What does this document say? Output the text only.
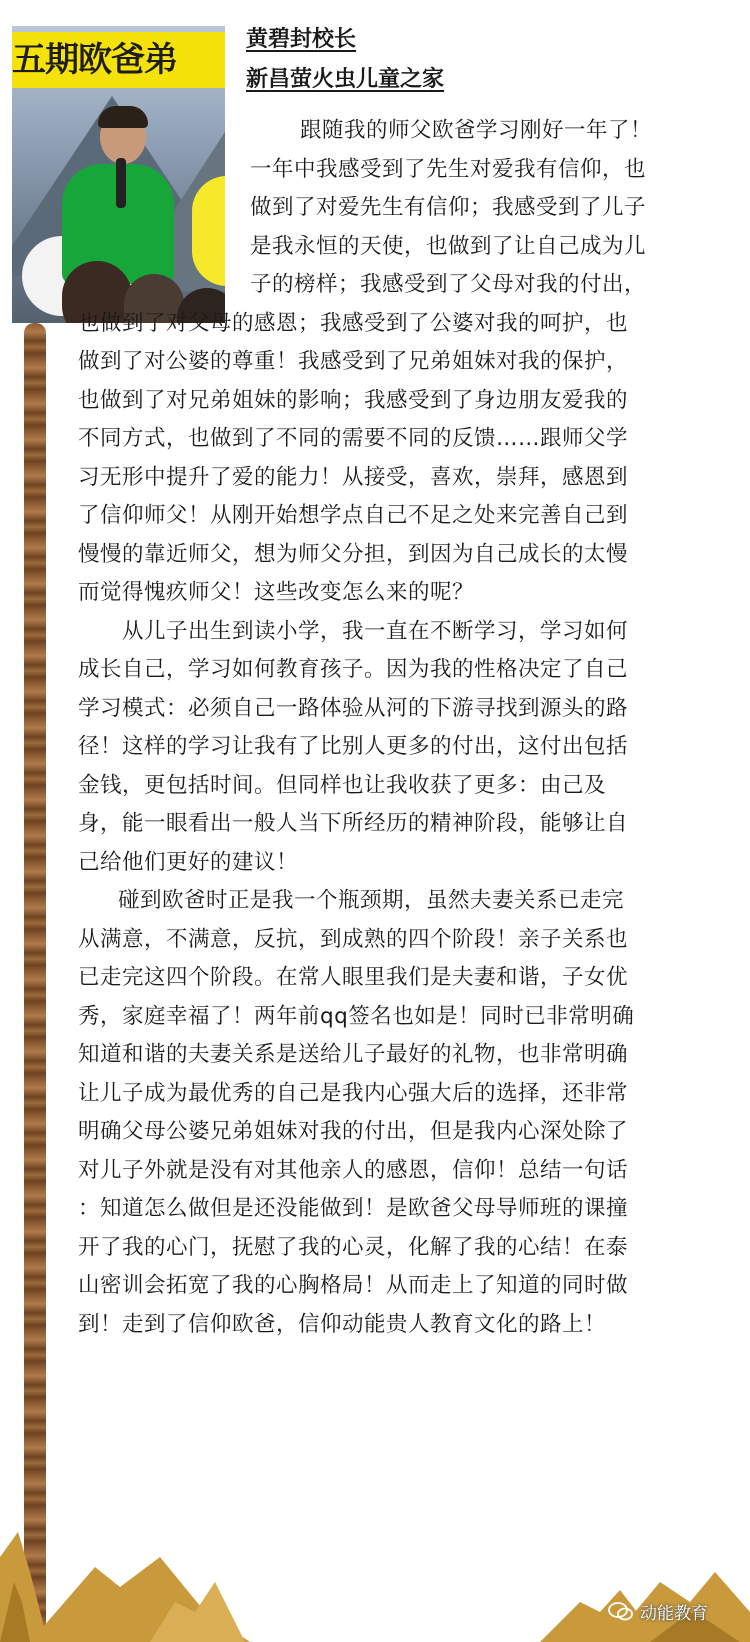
五期欧爸弟
黄碧封校长
新昌萤火虫儿童之家

跟随我的师父欧爸学习刚好一年了！
一年中我感受到了先生对爱我有信仰，也
做到了对爱先生有信仰；我感受到了儿子
是我永恒的天使，也做到了让自己成为儿
子的榜样；我感受到了父母对我的付出，
也做到了对父母的感恩；我感受到了公婆对我的呵护，也
做到了对公婆的尊重！我感受到了兄弟姐妹对我的保护，
也做到了对兄弟姐妹的影响；我感受到了身边朋友爱我的
不同方式，也做到了不同的需要不同的反馈……跟师父学
习无形中提升了爱的能力！从接受，喜欢，崇拜，感恩到
了信仰师父！从刚开始想学点自己不足之处来完善自己到
慢慢的靠近师父，想为师父分担，到因为自己成长的太慢
而觉得愧疚师父！这些改变怎么来的呢？

从儿子出生到读小学，我一直在不断学习，学习如何
成长自己，学习如何教育孩子。因为我的性格决定了自己
学习模式：必须自己一路体验从河的下游寻找到源头的路
径！这样的学习让我有了比别人更多的付出，这付出包括
金钱，更包括时间。但同样也让我收获了更多：由己及
身，能一眼看出一般人当下所经历的精神阶段，能够让自
己给他们更好的建议！

碰到欧爸时正是我一个瓶颈期，虽然夫妻关系已走完
从满意，不满意，反抗，到成熟的四个阶段！亲子关系也
已走完这四个阶段。在常人眼里我们是夫妻和谐，子女优
秀，家庭幸福了！两年前qq签名也如是！同时已非常明确
知道和谐的夫妻关系是送给儿子最好的礼物，也非常明确
让儿子成为最优秀的自己是我内心强大后的选择，还非常
明确父母公婆兄弟姐妹对我的付出，但是我内心深处除了
对儿子外就是没有对其他亲人的感恩，信仰！总结一句话
：知道怎么做但是还没能做到！是欧爸父母导师班的课撞
开了我的心门，抚慰了我的心灵，化解了我的心结！在泰
山密训会拓宽了我的心胸格局！从而走上了知道的同时做
到！走到了信仰欧爸，信仰动能贵人教育文化的路上！

动能教育
